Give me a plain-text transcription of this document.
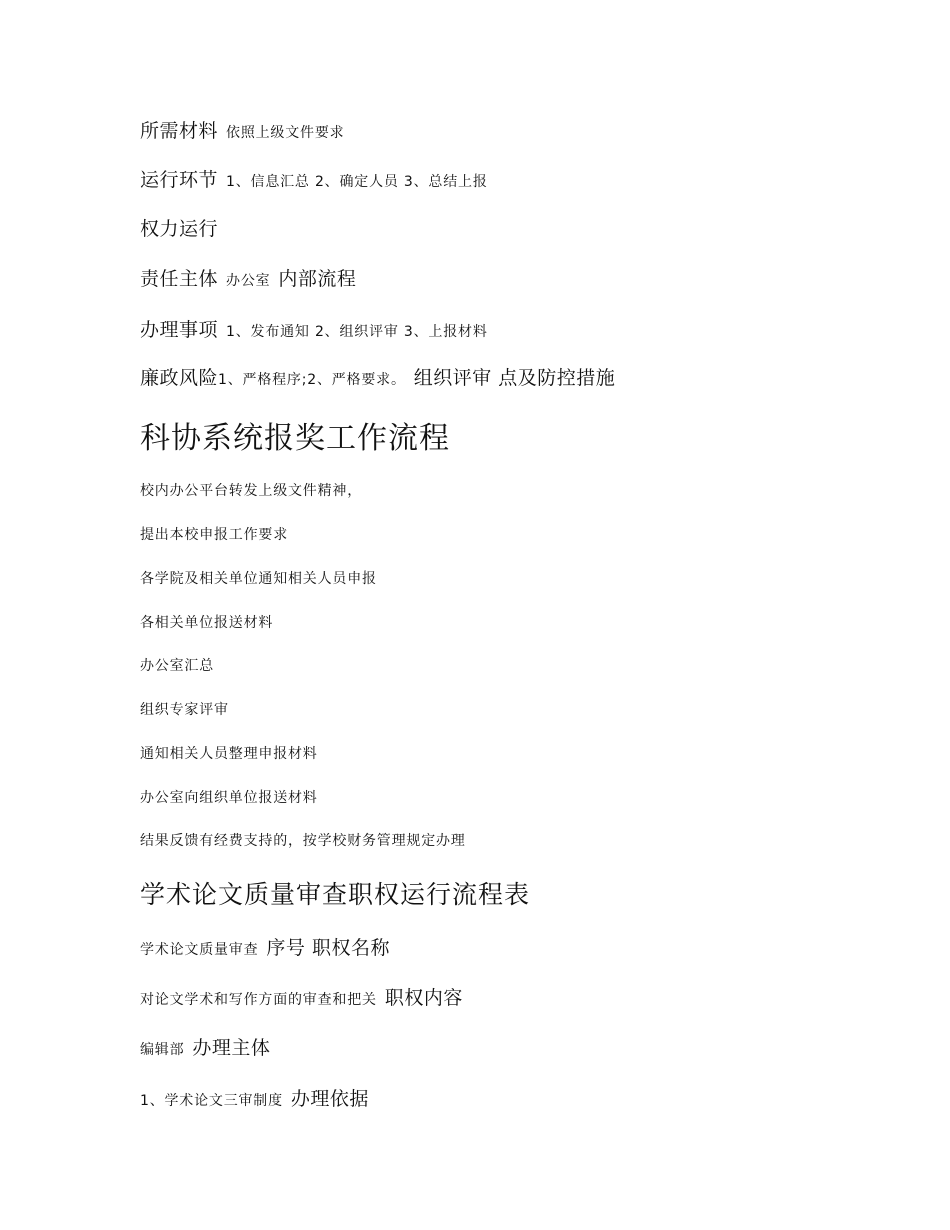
所需材料 依照上级文件要求
运行环节 1、信息汇总 2、确定人员 3、总结上报
权力运行
责任主体 办公室 内部流程
办理事项 1、发布通知 2、组织评审 3、上报材料
廉政风险1、严格程序;2、严格要求。 组织评审 点及防控措施
科协系统报奖工作流程
校内办公平台转发上级文件精神，
提出本校申报工作要求
各学院及相关单位通知相关人员申报
各相关单位报送材料
办公室汇总
组织专家评审
通知相关人员整理申报材料
办公室向组织单位报送材料
结果反馈有经费支持的，按学校财务管理规定办理
学术论文质量审查职权运行流程表
学术论文质量审查 序号 职权名称
对论文学术和写作方面的审查和把关 职权内容
编辑部 办理主体
1、学术论文三审制度 办理依据
